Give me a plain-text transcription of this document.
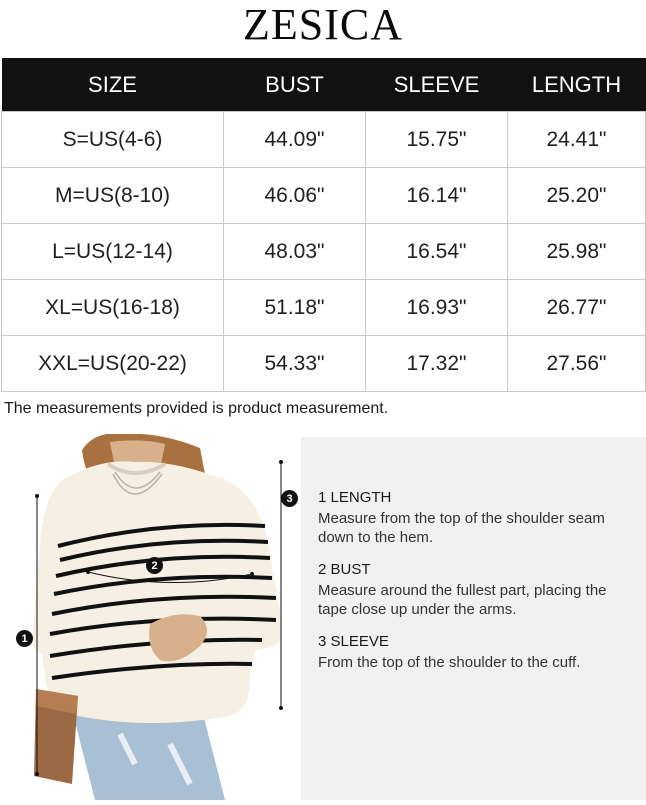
ZESICA
SIZE	BUST	SLEEVE	LENGTH
S=US(4-6)	44.09"	15.75"	24.41"
M=US(8-10)	46.06"	16.14"	25.20"
L=US(12-14)	48.03"	16.54"	25.98"
XL=US(16-18)	51.18"	16.93"	26.77"
XXL=US(20-22)	54.33"	17.32"	27.56"
The measurements provided is product measurement.
1
2
3	1 LENGTH
Measure from the top of the shoulder seam down to the hem.
2 BUST
Measure around the fullest part, placing the tape close up under the arms.
3 SLEEVE
From the top of the shoulder to the cuff.
